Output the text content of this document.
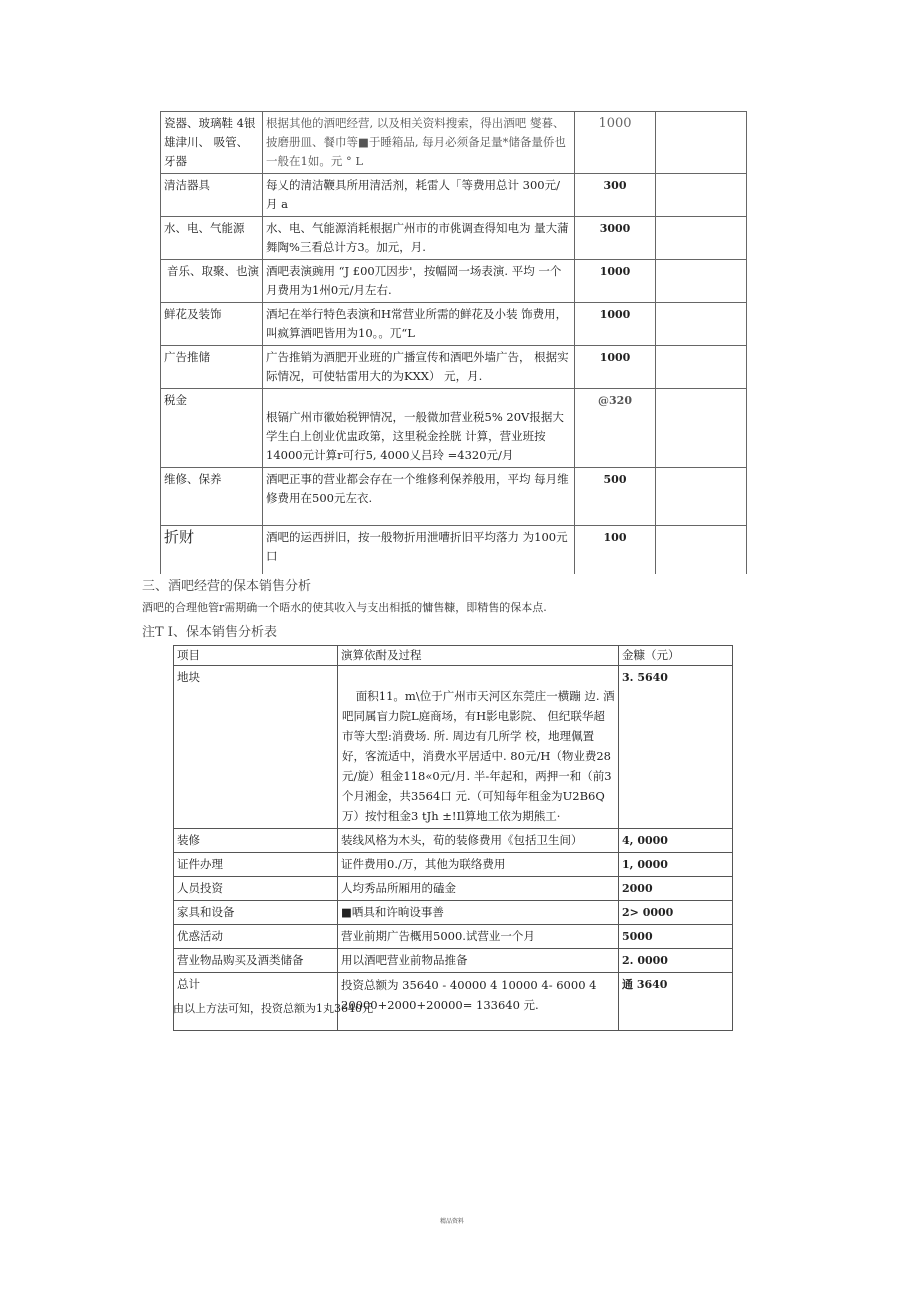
瓷器、玻璃鞋 4银雄津川、 吸管、牙器	根据其他的酒吧经营, 以及相关资料搜索，得出酒吧 燮暮、披磨册皿、餐巾等■于睡箱品, 每月必须备足量*储备量侨也一般在1如。元 ° L	1000	
清洁器具	每乂的清洁鞭具所用清活剂，耗雷人「等费用总计 300元/月 a	300	
水、电、气能源	水、电、气能源消耗根据广州市的市佻调查得知电为 量大蒲舞陶%三看总计方3。加元，月.	3000	
音乐、取聚、也演	酒吧表演豌用 “J £00兀因步'，按幅岡一场表演. 平均 一个月费用为1州0元/月左右.	1000	
鲜花及装饰	酒圮在举行特色表演和H常营业所需的鲜花及小装 饰费用，叫疯算酒吧皆用为10。。兀“L	1000	
广告推储	广告推销为酒肥开业班的广播宣传和酒吧外墙广告， 根据实际情况，可使牯雷用大的为KXX） 元，月.	1000	
税金	根镉广州市徽始税钾情况，一般微加营业税5% 20V报据大学生白上创业优盅政第，这里税金拴胱 计算，营业班按14000元计算r可行5, 4000乂吕玲 =4320元/月	@320	
维修、保养	酒吧正事的营业都会存在一个维修利保养般用，平均 每月维修费用在500元左衣.	500	
折财	酒吧的运西拼旧，按一般物折用泄嘈折旧平均落力 为100元口	100	
三、酒吧经营的保本销售分析
酒吧的合理他管r需期确一个晤水的使其收入与支出相抵的慵售糠，即精售的保本点.
注T I、保本销售分析表
项目	演算依酎及过程	金糠（元）
地块	面积11。m\位于广州市天河区东莞庄一横蹦 边. 酒吧同属盲力院L庭商场，有H影电影院、 但纪联华超市等大型:消费场. 所. 周边有几所学 校，地理佩置好，客流适中，消费水平居适中. 80元/H（物业费28元/旋）租金118«0元/月. 半-年起和，两押一和（前3个月湘金，共3564口 元.（可知每年租金为U2B6Q万）按忖租金3 tJh ±!Il算地工依为期熊工·	3. 5640
装修	装线风格为木头，荀的装修费用《包括卫生间）	4, 0000
证件办理	证件费用0./万，其他为联络费用	1, 0000
人员投资	人均秀品所厢用的磕金	2000
家具和设备	■哂具和许晌设事善	2> 0000
优惑活动	营业前期广告概用5000.试营业一个月	5000
营业物品购买及酒类储备	用以酒吧营业前物品推备	2. 0000
总计	投资总额为 35640 - 40000 4 10000 4- 6000 4 20000+2000+20000= 133640 元.	通 3640
由以上方法可知，投资总额为1丸3640元
精品资料
